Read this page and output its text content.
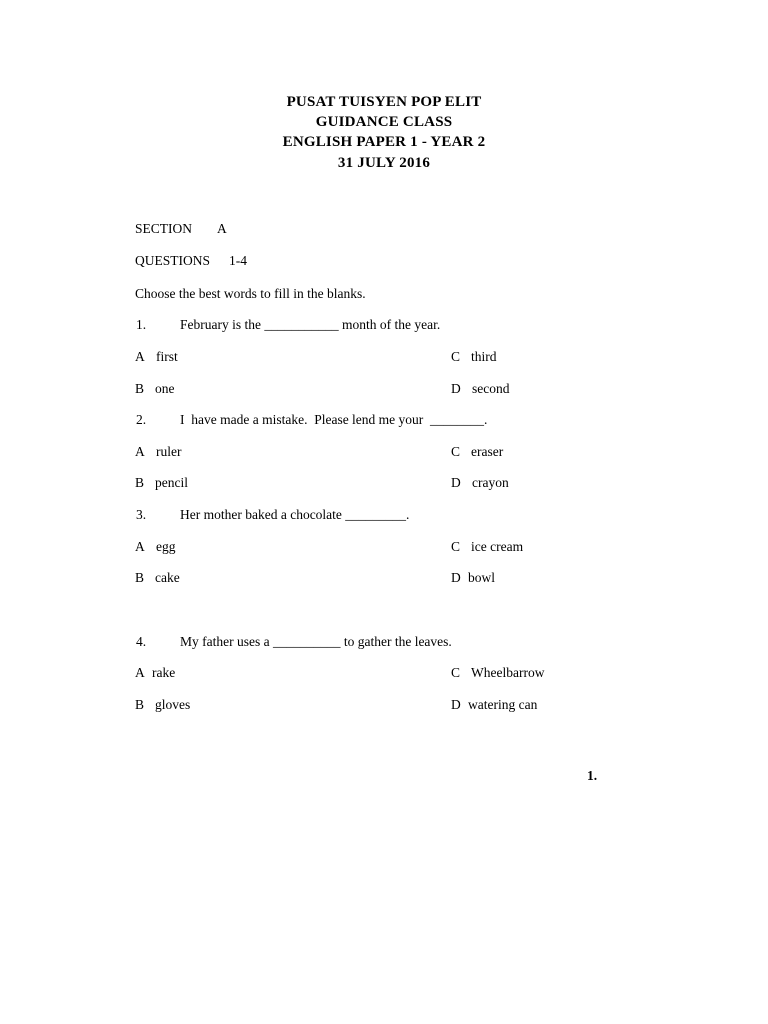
PUSAT TUISYEN POP ELIT
GUIDANCE CLASS
ENGLISH PAPER 1 - YEAR 2
31 JULY 2016
SECTION A
QUESTIONS 1-4
Choose the best words to fill in the blanks.
1.	February is the ___________ month of the year.
A first	C third
B one	D second
2.	I  have made a mistake.  Please lend me your  ________.
A ruler	C eraser
B pencil	D crayon
3.	Her mother baked a chocolate _________.
A egg	C ice cream
B cake	D bowl
4.	My father uses a __________ to gather the leaves.
A rake	C Wheelbarrow
B gloves	D watering can
1.
